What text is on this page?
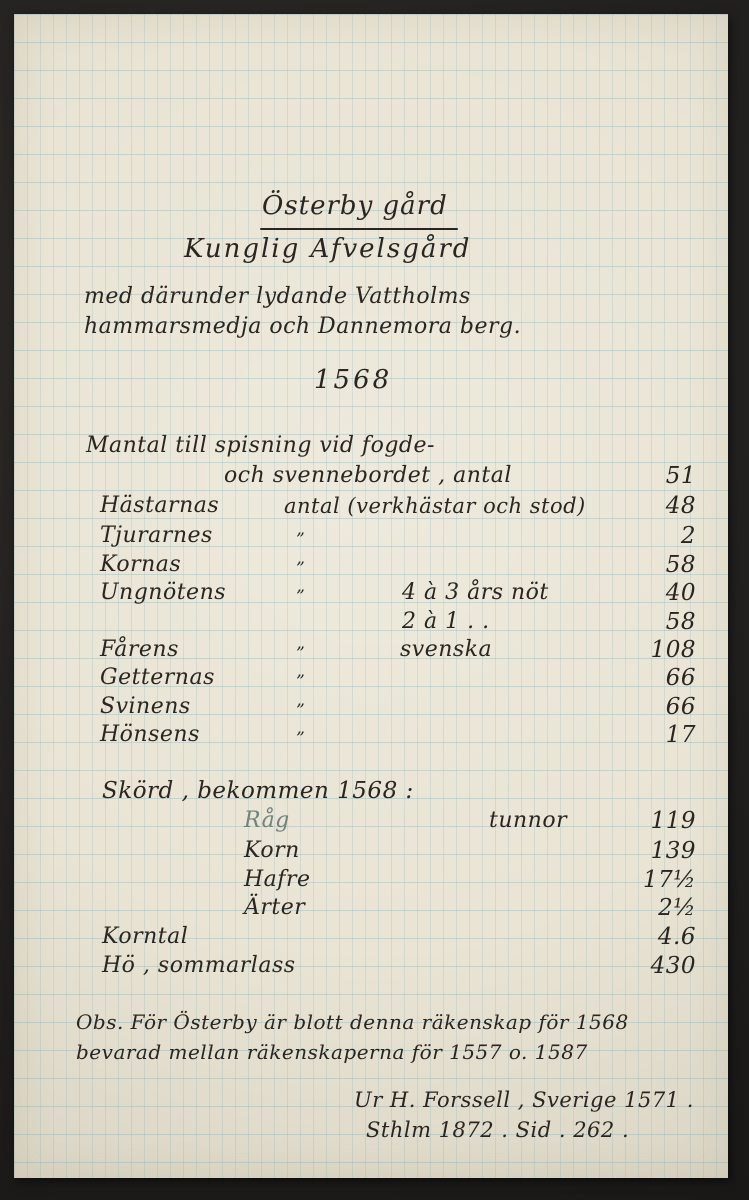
Österby gård
Kunglig Afvelsgård
med därunder lydande Vattholms
hammarsmedja och Dannemora berg.
1568
Mantal till spisning vid fogde-
och svennebordet , antal	51
Hästarnas	antal (verkhästar och stod)	48
Tjurarnes	”	2
Kornas	”	58
Ungnötens	”	4 à 3 års nöt	40
2 à 1 . .	58
Fårens	”	svenska	108
Getternas	”	66
Svinens	”	66
Hönsens	”	17
Skörd , bekommen 1568 :
Råg	tunnor	119
Korn	139
Hafre	17½
Ärter	2½
Korntal	4.6
Hö , sommarlass	430
Obs. För Österby är blott denna räkenskap för 1568
bevarad mellan räkenskaperna för 1557 o. 1587
Ur H. Forssell , Sverige 1571 .
Sthlm 1872 . Sid . 262 .
